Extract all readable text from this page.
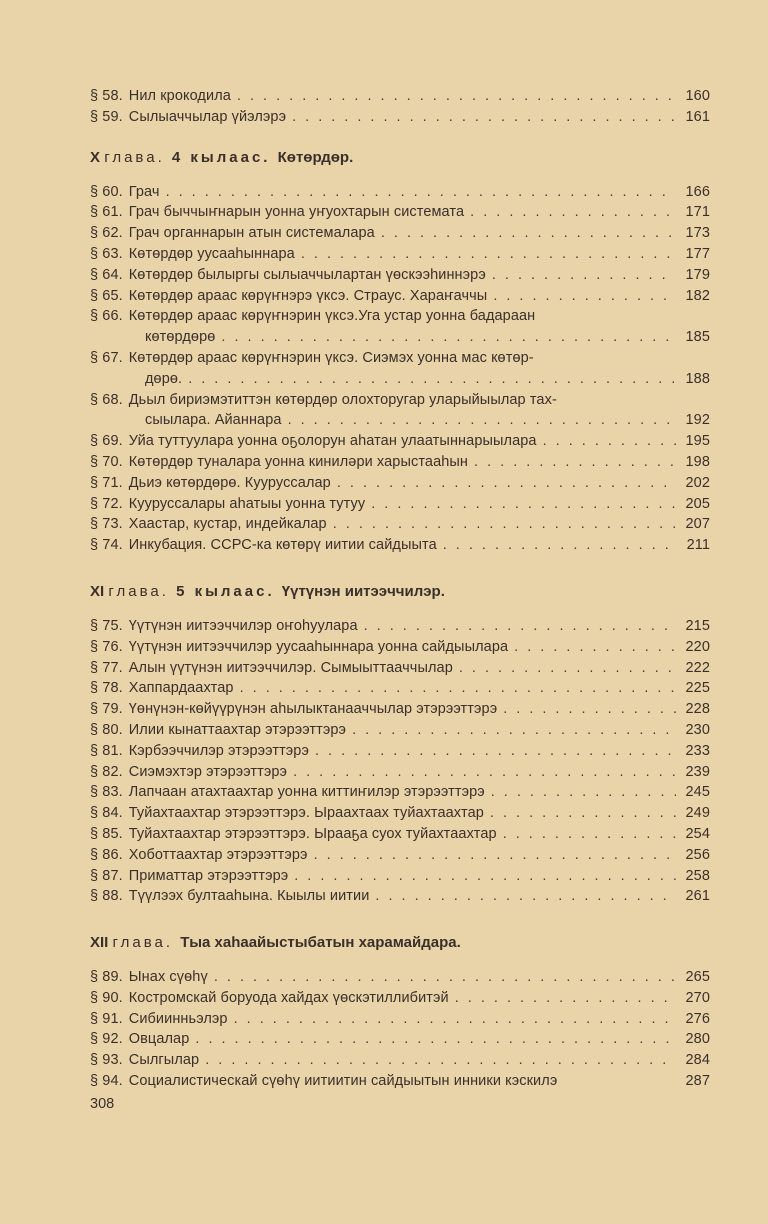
§ 58. Нил крокодила . . .	160
§ 59. Сылыаччылар үйэлэрэ . . .	161
X глава. 4 кылаас. Көтөрдөр.
§ 60. Грач . . .	166
§ 61. Грач быччыҥнарын уонна уҥуохтарын системата . . .	171
§ 62. Грач органнарын атын системалара . . .	173
§ 63. Көтөрдөр уусааһыннара . . .	177
§ 64. Көтөрдөр былыргы сылыаччылартан үөскээһиннэрэ . . .	179
§ 65. Көтөрдөр араас көрүҥнэрэ үксэ. Страус. Хараҥаччы . . .	182
§ 66. Көтөрдөр араас көрүҥнэрин үксэ.Уга устар уонна бадараан
көтөрдөрө . . .	185
§ 67. Көтөрдөр араас көрүҥнэрин үксэ. Сиэмэх уонна мас көтөр-
дөрө. . . .	188
§ 68. Дьыл бириэмэтиттэн көтөрдөр олохторугар уларыйыылар тах-
сыылара. Айаннара . . .	192
§ 69. Уйа туттуулара уонна оҕолорун аһатан улаатыннарыылара . . .	195
§ 70. Көтөрдөр туналара уонна киниләри харыстааһын . . .	198
§ 71. Дьиэ көтөрдөрө. Куурусcалар . . .	202
§ 72. Куурусcалары аһатыы уонна тутуу . . .	205
§ 73. Хаастар, кустар, индейкалар . . .	207
§ 74. Инкубация. ССРС-ка көтөрү иитии сайдыыта . . .	211
XI глава. 5 кылаас. Үүтүнэн иитээччилэр.
§ 75. Үүтүнэн иитээччилэр оҥоһуулара . . .	215
§ 76. Үүтүнэн иитээччилэр уусааһыннара уонна сайдыылара . . .	220
§ 77. Алын үүтүнэн иитээччилэр. Сымыыттааччылар . . .	222
§ 78. Хаппардаахтар . . .	225
§ 79. Үөнүнэн-көйүүрүнэн аһылыктанааччылар этэрээттэрэ . . .	228
§ 80. Илии кынаттаахтар этэрээттэрэ . . .	230
§ 81. Кэрбээччилэр этэрээттэрэ . . .	233
§ 82. Сиэмэхтэр этэрээттэрэ . . .	239
§ 83. Лапчаан атахтаахтар уонна киттиҥилэр этэрээттэрэ . . .	245
§ 84. Туйахтаахтар этэрээттэрэ. Ыраахтаах туйахтаахтар . . .	249
§ 85. Туйахтаахтар этэрээттэрэ. Ырааҕа суох туйахтаахтар . . .	254
§ 86. Хоботтаахтар этэрээттэрэ . . .	256
§ 87. Приматтар этэрээттэрэ . . .	258
§ 88. Түүлээх бултааһына. Кыылы иитии . . .	261
XII глава. Тыа хаһаайыстыбатын харамайдара.
§ 89. Ынах сүөһү . . .	265
§ 90. Костромскай боруода хайдах үөскэтиллибитэй . . .	270
§ 91. Сибиинньэлэр . . .	276
§ 92. Овцалар . . .	280
§ 93. Сылгылар . . .	284
§ 94. Социалистическай сүөһү иитиитин сайдыытын инники кэскилэ	287
308
